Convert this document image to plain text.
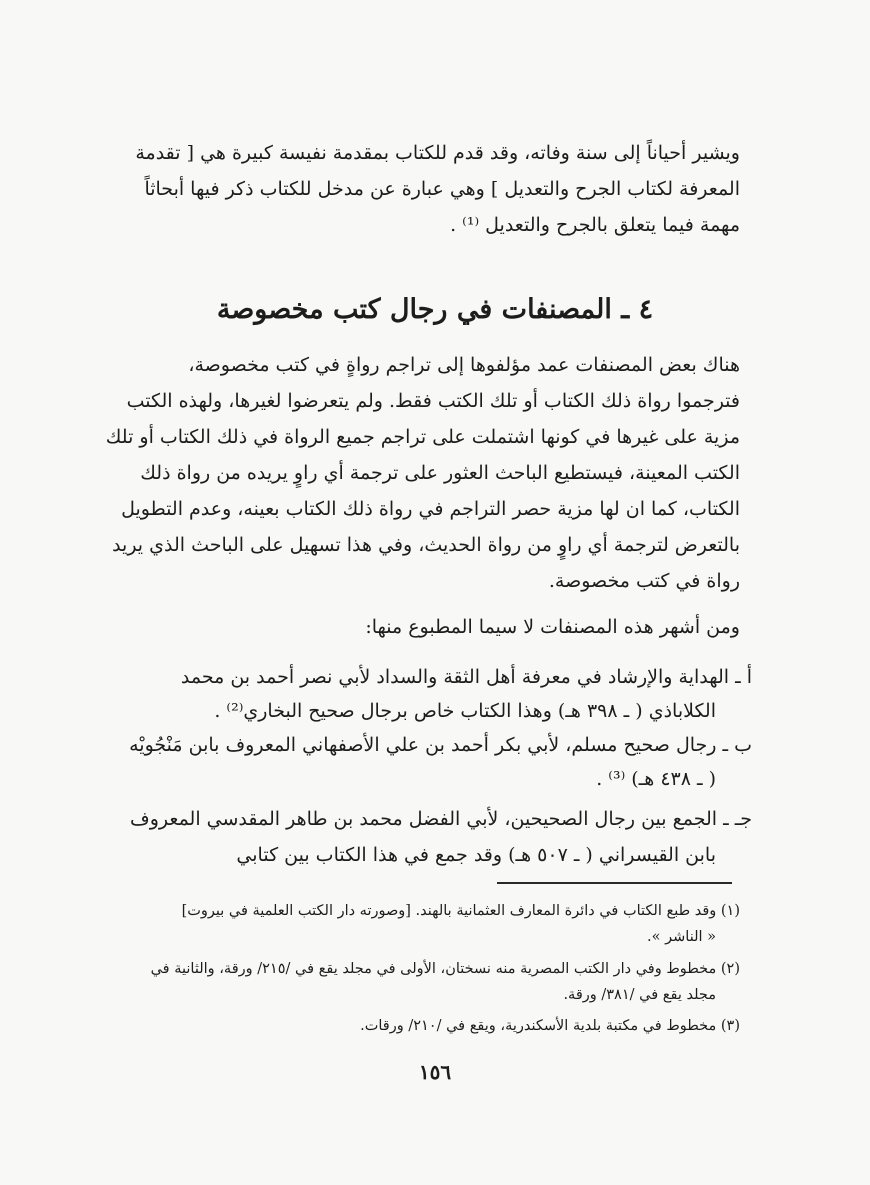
ويشير أحياناً إلى سنة وفاته، وقد قدم للكتاب بمقدمة نفيسة كبيرة هي [ تقدمة
المعرفة لكتاب الجرح والتعديل ] وهي عبارة عن مدخل للكتاب ذكر فيها أبحاثاً
مهمة فيما يتعلق بالجرح والتعديل ⁽¹⁾ .
٤ ـ المصنفات في رجال كتب مخصوصة
هناك بعض المصنفات عمد مؤلفوها إلى تراجم رواةٍ في كتب مخصوصة،
فترجموا رواة ذلك الكتاب أو تلك الكتب فقط. ولم يتعرضوا لغيرها، ولهذه الكتب
مزية على غيرها في كونها اشتملت على تراجم جميع الرواة في ذلك الكتاب أو تلك
الكتب المعينة، فيستطيع الباحث العثور على ترجمة أي راوٍ يريده من رواة ذلك
الكتاب، كما ان لها مزية حصر التراجم في رواة ذلك الكتاب بعينه، وعدم التطويل
بالتعرض لترجمة أي راوٍ من رواة الحديث، وفي هذا تسهيل على الباحث الذي يريد
رواة في كتب مخصوصة.
ومن أشهر هذه المصنفات لا سيما المطبوع منها:
أ ـ الهداية والإرشاد في معرفة أهل الثقة والسداد لأبي نصر أحمد بن محمد
الكلاباذي ( ـ ٣٩٨ هـ) وهذا الكتاب خاص برجال صحيح البخاري⁽²⁾ .
ب ـ رجال صحيح مسلم، لأبي بكر أحمد بن علي الأصفهاني المعروف بابن مَنْجُويْه
( ـ ٤٣٨ هـ) ⁽³⁾ .
جـ ـ الجمع بين رجال الصحيحين، لأبي الفضل محمد بن طاهر المقدسي المعروف
بابن القيسراني ( ـ ٥٠٧ هـ) وقد جمع في هذا الكتاب بين كتابي
(١) وقد طبع الكتاب في دائرة المعارف العثمانية بالهند. [وصورته دار الكتب العلمية في بيروت]
« الناشر ».
(٢) مخطوط وفي دار الكتب المصرية منه نسختان، الأولى في مجلد يقع في /٢١٥/ ورقة، والثانية في
مجلد يقع في /٣٨١/ ورقة.
(٣) مخطوط في مكتبة بلدية الأسكندرية، ويقع في /٢١٠/ ورقات.
١٥٦
